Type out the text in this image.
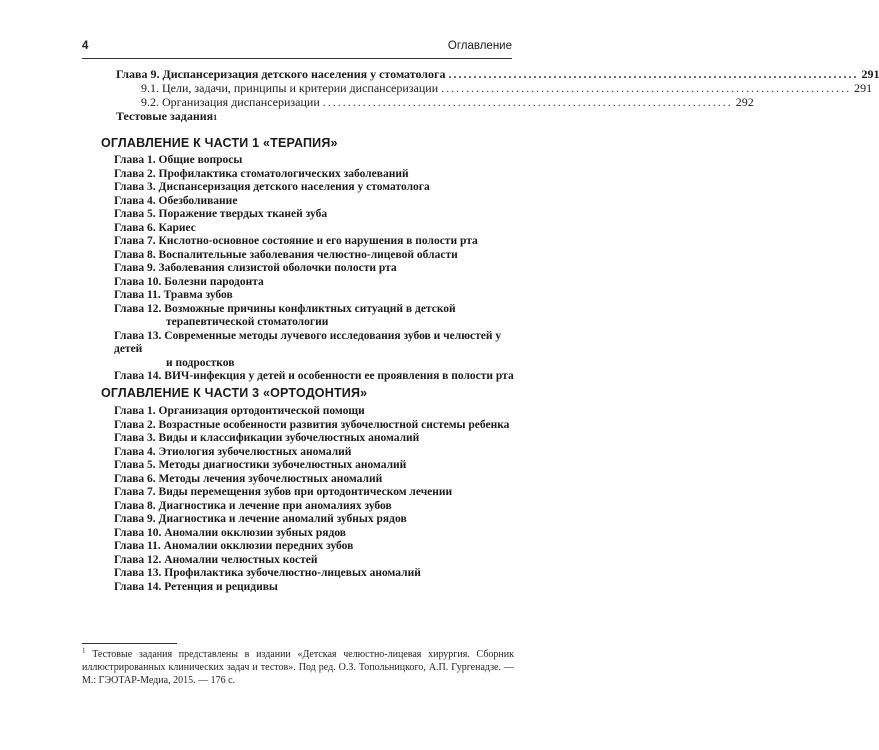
4	Оглавление
Глава 9. Диспансеризация детского населения у стоматолога .................................................................................. 291
9.1. Цели, задачи, принципы и критерии диспансеризации .................................................................................. 291
9.2. Организация диспансеризации .................................................................................. 292
Тестовые задания 1
ОГЛАВЛЕНИЕ К ЧАСТИ 1 «ТЕРАПИЯ»
Глава 1. Общие вопросы
Глава 2. Профилактика стоматологических заболеваний
Глава 3. Диспансеризация детского населения у стоматолога
Глава 4. Обезболивание
Глава 5. Поражение твердых тканей зуба
Глава 6. Кариес
Глава 7. Кислотно-основное состояние и его нарушения в полости рта
Глава 8. Воспалительные заболевания челюстно-лицевой области
Глава 9. Заболевания слизистой оболочки полости рта
Глава 10. Болезни пародонта
Глава 11. Травма зубов
Глава 12. Возможные причины конфликтных ситуаций в детской
терапевтической стоматологии
Глава 13. Современные методы лучевого исследования зубов и челюстей у детей
и подростков
Глава 14. ВИЧ-инфекция у детей и особенности ее проявления в полости рта
ОГЛАВЛЕНИЕ К ЧАСТИ 3 «ОРТОДОНТИЯ»
Глава 1. Организация ортодонтической помощи
Глава 2. Возрастные особенности развития зубочелюстной системы ребенка
Глава 3. Виды и классификации зубочелюстных аномалий
Глава 4. Этиология зубочелюстных аномалий
Глава 5. Методы диагностики зубочелюстных аномалий
Глава 6. Методы лечения зубочелюстных аномалий
Глава 7. Виды перемещения зубов при ортодонтическом лечении
Глава 8. Диагностика и лечение при аномалиях зубов
Глава 9. Диагностика и лечение аномалий зубных рядов
Глава 10. Аномалии окклюзии зубных рядов
Глава 11. Аномалии окклюзии передних зубов
Глава 12. Аномалии челюстных костей
Глава 13. Профилактика зубочелюстно-лицевых аномалий
Глава 14. Ретенция и рецидивы
$^1$ Тестовые задания представлены в издании «Детская челюстно-лицевая хирургия. Сборник иллюстрированных клинических задач и тестов». Под ред. О.З. Топольницкого, А.П. Гургенадзе. — М.: ГЭОТАР-Медиа, 2015. — 176 с.
